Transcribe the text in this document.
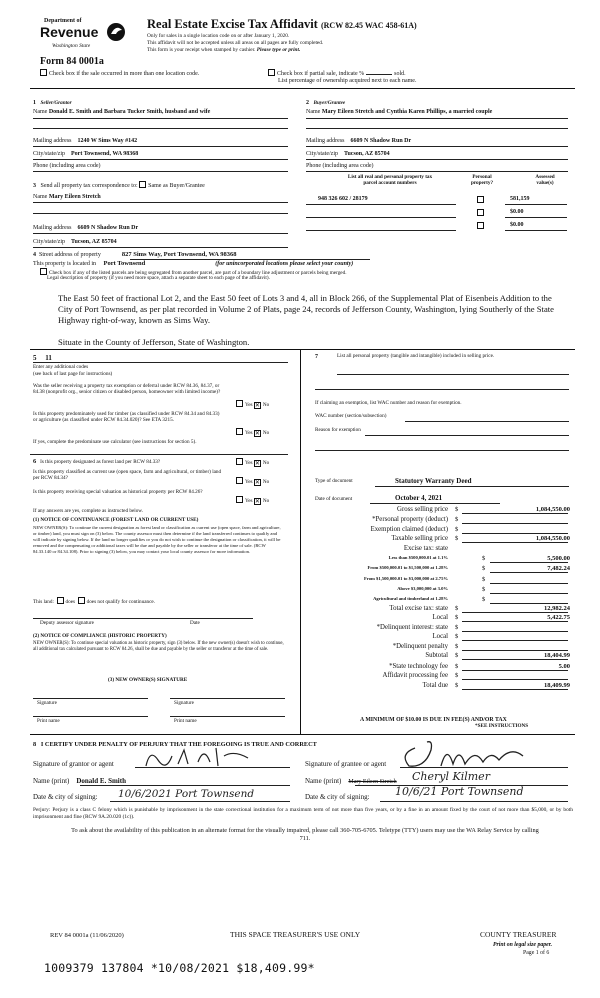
Department of
Revenue
Washington State
Form 84 0001a
Real Estate Excise Tax Affidavit (RCW 82.45 WAC 458-61A)
Only for sales in a single location code on or after January 1, 2020.
This affidavit will not be accepted unless all areas on all pages are fully completed.
This form is your receipt when stamped by cashier. Please type or print.
Check box if the sale occurred in more than one location code.	Check box if partial sale, indicate %	sold.
List percentage of ownership acquired next to each name.
1 Seller/Grantor
Name Donald E. Smith and Barbara Tucker Smith, husband and wife
Mailing address 1240 W Sims Way #142
City/state/zip Port Townsend, WA 98368
Phone (including area code)
2 Buyer/Grantee
Name Mary Eileen Stretch and Cynthia Karen Phillips, a married couple
Mailing address 6609 N Shadow Run Dr
City/state/zip Tucson, AZ 85704
Phone (including area code)
3 Send all property tax correspondence to: Same as Buyer/Grantee
Name Mary Eileen Stretch
Mailing address 6609 N Shadow Run Dr
City/state/zip Tucson, AZ 85704
List all real and personal property tax
parcel account numbers
Personal
property?
Assessed
value(s)
948 326 602 / 28179	581,159
$0.00
$0.00
4 Street address of property	827 Sims Way, Port Townsend, WA 98368
This property is located in Port Townsend	(for unincorporated locations please select your county)
Check box if any of the listed parcels are being segregated from another parcel, are part of a boundary line adjustment or parcels being merged.
Legal description of property (if you need more space, attach a separate sheet to each page of the affidavit).
The East 50 feet of fractional Lot 2, and the East 50 feet of Lots 3 and 4, all in Block 266, of the Supplemental Plat of Eisenbeis Addition to the City of Port Townsend, as per plat recorded in Volume 2 of Plats, page 24, records of Jefferson County, Washington, lying Southerly of the State Highway right-of-way, known as Sims Way.
Situate in the County of Jefferson, State of Washington.
5 11
Enter any additional codes
(see back of last page for instructions)
Was the seller receiving a property tax exemption or deferral under RCW 84.36, 84.37, or 84.38 (nonprofit org., senior citizen or disabled person, homeowner with limited income)?
Yes ✕ No
Is this property predominately used for timber (as classified under RCW 84.34 and 84.33) or agriculture (as classified under RCW 84.34.020)? See ETA 3215.
Yes ✕ No
If yes, complete the predominate use calculator (see instructions for section 5).
6 Is this property designated as forest land per RCW 84.33?	Yes ✕ No
Is this property classified as current use (open space, farm and agricultural, or timber) land per RCW 84.34?
Yes ✕ No
Is this property receiving special valuation as historical property per RCW 84.26?
Yes ✕ No
If any answers are yes, complete as instructed below.
(1) NOTICE OF CONTINUANCE (FOREST LAND OR CURRENT USE)
NEW OWNER(S): To continue the current designation as forest land or classification as current use (open space, farm and agriculture, or timber) land, you must sign on (3) below. The county assessor must then determine if the land transferred continues to qualify and will indicate by signing below. If the land no longer qualifies or you do not wish to continue the designation or classification, it will be removed and the compensating or additional taxes will be due and payable by the seller or transferor at the time of sale. (RCW 84.33.140 or 84.34.108). Prior to signing (3) below, you may contact your local county assessor for more information.
This land: does does not qualify for continuance.
Deputy assessor signature	Date
(2) NOTICE OF COMPLIANCE (HISTORIC PROPERTY)
NEW OWNER(S): To continue special valuation as historic property, sign (3) below. If the new owner(s) doesn't wish to continue, all additional tax calculated pursuant to RCW 84.26, shall be due and payable by the seller or transferor at the time of sale.
(3) NEW OWNER(S) SIGNATURE
Signature	Signature
Print name	Print name
7	List all personal property (tangible and intangible) included in selling price.
If claiming an exemption, list WAC number and reason for exemption.
WAC number (section/subsection)
Reason for exemption
Type of document	Statutory Warranty Deed
Date of document	October 4, 2021
Gross selling price $	1,084,550.00
*Personal property (deduct) $
Exemption claimed (deduct) $
Taxable selling price $	1,084,550.00
Excise tax: state
Less than $500,000.01 at 1.1%	$	5,500.00
From $500,000.01 to $1,500,000 at 1.28%	$	7,482.24
From $1,500,000.01 to $3,000,000 at 2.75%	$
Above $3,000,000 at 3.0%	$
Agricultural and timberland at 1.28%	$
Total excise tax: state $	12,982.24
Local $	5,422.75
*Delinquent interest: state $
Local $
*Delinquent penalty $
Subtotal $	18,404.99
*State technology fee $	5.00
Affidavit processing fee $
Total due $	18,409.99
A MINIMUM OF $10.00 IS DUE IN FEE(S) AND/OR TAX
*SEE INSTRUCTIONS
8 I CERTIFY UNDER PENALTY OF PERJURY THAT THE FOREGOING IS TRUE AND CORRECT
Signature of grantor or agent	Signature of grantee or agent
Name (print) Donald E. Smith	Name (print) Mary Eileen Stretch Cheryl Kilmer
Date & city of signing: 10/6/2021 Port Townsend	Date & city of signing: 10/6/21 Port Townsend
Perjury: Perjury is a class C felony which is punishable by imprisonment in the state correctional institution for a maximum term of not more than five years, or by a fine in an amount fixed by the court of not more than $5,000, or by both imprisonment and fine (RCW 9A.20.020 (1c)).
To ask about the availability of this publication in an alternate format for the visually impaired, please call 360-705-6705. Teletype (TTY) users may use the WA Relay Service by calling 711.
REV 84 0001a (11/06/2020)	THIS SPACE TREASURER'S USE ONLY	COUNTY TREASURER
Print on legal size paper.
Page 1 of 6
1009379 137804 *10/08/2021 $18,409.99*
